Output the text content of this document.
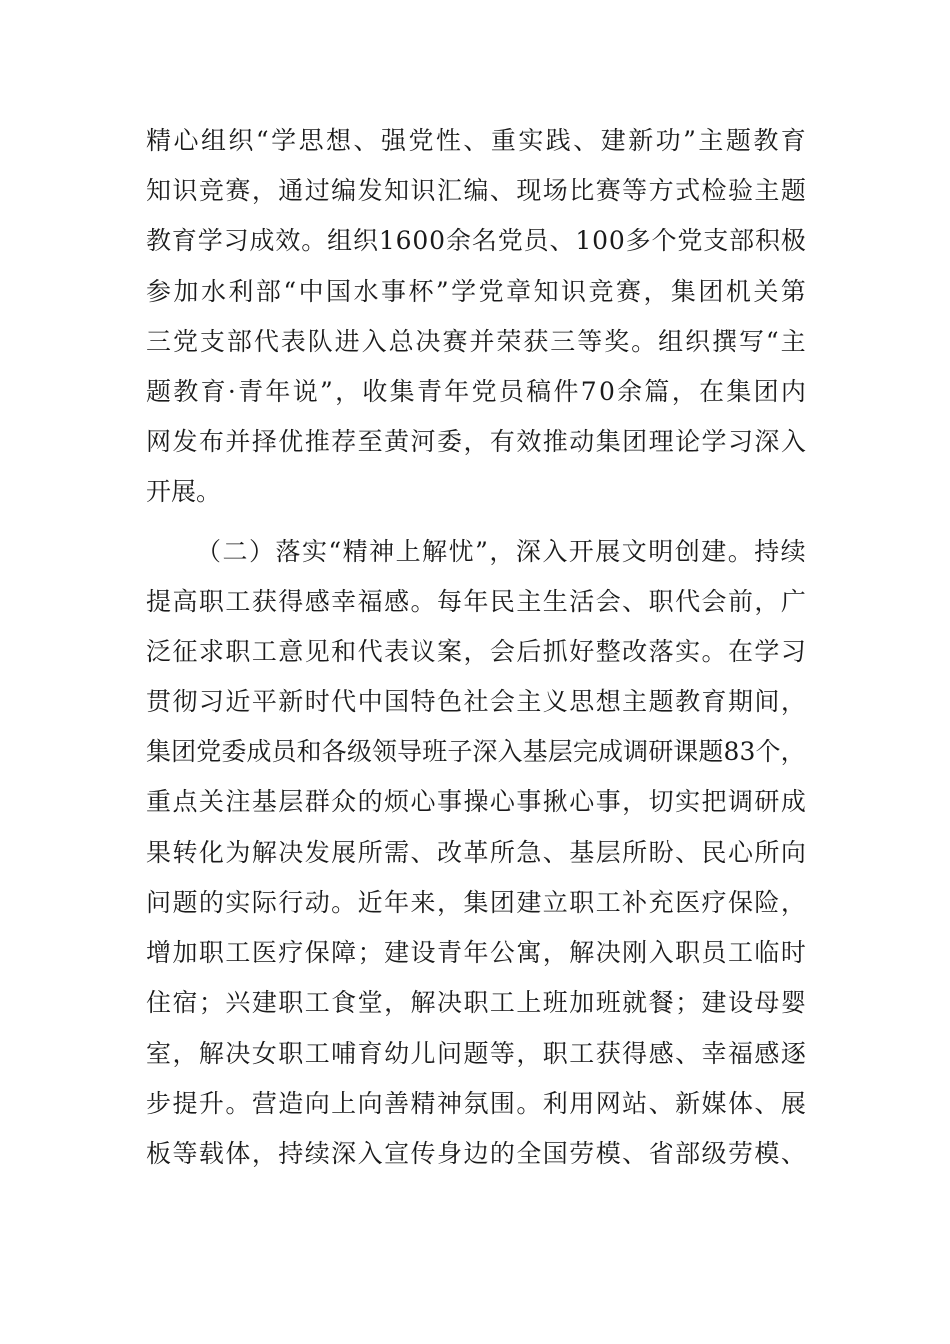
精 心 组 织 “ 学 思 想 、 强 党 性 、 重 实 践 、 建 新 功 ” 主 题 教 育
知 识 竞 赛 ， 通 过 编 发 知 识 汇 编 、 现 场 比 赛 等 方 式 检 验 主 题
教 育 学 习 成 效 。 组 织 1 6 0 0 余 名 党 员 、 1 0 0 多 个 党 支 部 积 极
参 加 水 利 部 “ 中 国 水 事 杯 ” 学 党 章 知 识 竞 赛 ， 集 团 机 关 第
三 党 支 部 代 表 队 进 入 总 决 赛 并 荣 获 三 等 奖 。 组 织 撰 写 “ 主
题 教 育 · 青 年 说 ” ， 收 集 青 年 党 员 稿 件 7 0 余 篇 ， 在 集 团 内
网 发 布 并 择 优 推 荐 至 黄 河 委 ， 有 效 推 动 集 团 理 论 学 习 深 入
开展。
（ 二 ） 落 实 “ 精 神 上 解 忧 ” ， 深 入 开 展 文 明 创 建 。 持 续
提 高 职 工 获 得 感 幸 福 感 。 每 年 民 主 生 活 会 、 职 代 会 前 ， 广
泛 征 求 职 工 意 见 和 代 表 议 案 ， 会 后 抓 好 整 改 落 实 。 在 学 习
贯 彻 习 近 平 新 时 代 中 国 特 色 社 会 主 义 思 想 主 题 教 育 期 间 ，
集 团 党 委 成 员 和 各 级 领 导 班 子 深 入 基 层 完 成 调 研 课 题 8 3 个 ，
重 点 关 注 基 层 群 众 的 烦 心 事 操 心 事 揪 心 事 ， 切 实 把 调 研 成
果 转 化 为 解 决 发 展 所 需 、 改 革 所 急 、 基 层 所 盼 、 民 心 所 向
问 题 的 实 际 行 动 。 近 年 来 ， 集 团 建 立 职 工 补 充 医 疗 保 险 ，
增 加 职 工 医 疗 保 障 ； 建 设 青 年 公 寓 ， 解 决 刚 入 职 员 工 临 时
住 宿 ； 兴 建 职 工 食 堂 ， 解 决 职 工 上 班 加 班 就 餐 ； 建 设 母 婴
室 ， 解 决 女 职 工 哺 育 幼 儿 问 题 等 ， 职 工 获 得 感 、 幸 福 感 逐
步 提 升 。 营 造 向 上 向 善 精 神 氛 围 。 利 用 网 站 、 新 媒 体 、 展
板 等 载 体 ， 持 续 深 入 宣 传 身 边 的 全 国 劳 模 、 省 部 级 劳 模 、
